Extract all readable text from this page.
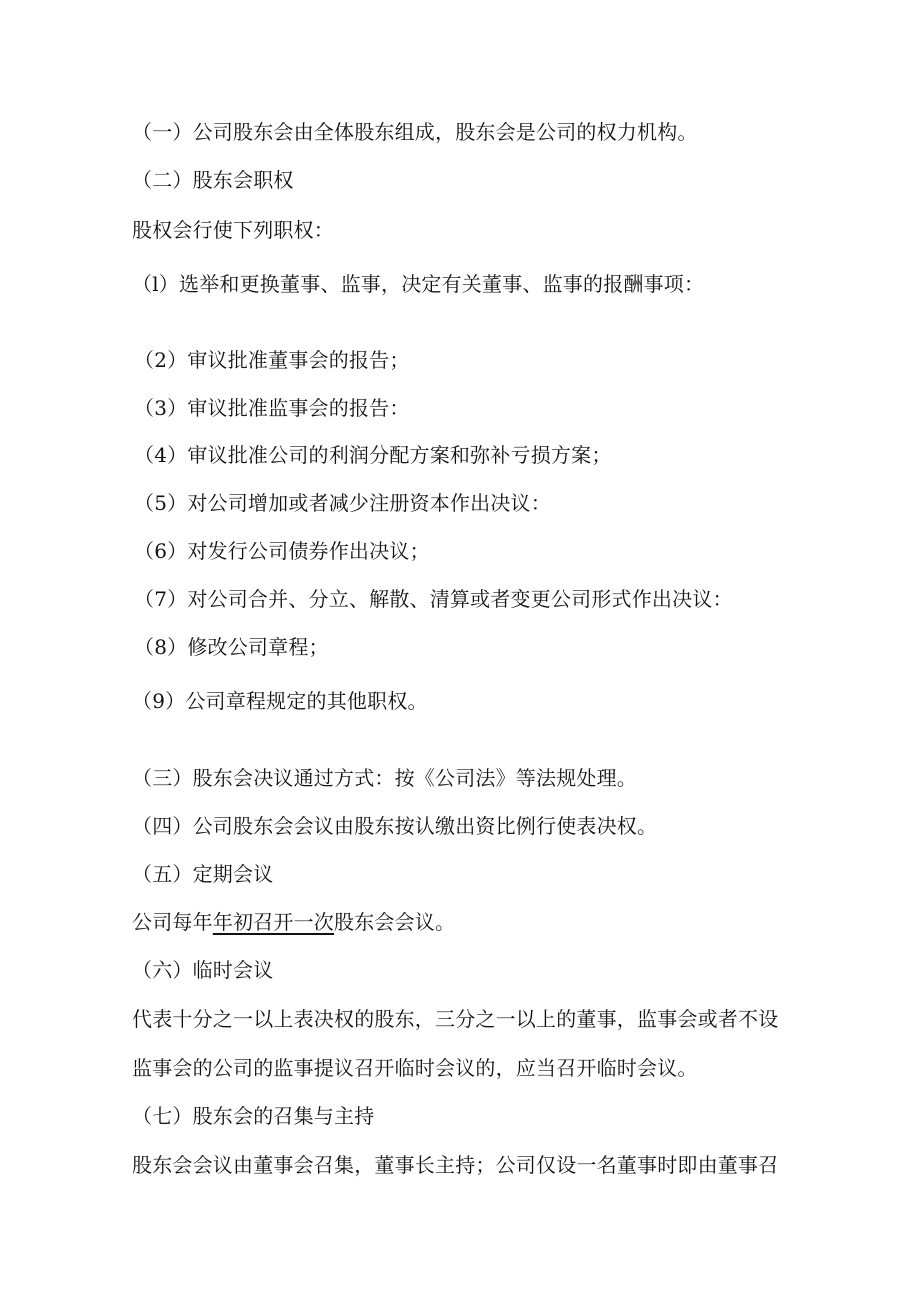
（一）公司股东会由全体股东组成，股东会是公司的权力机构。
（二）股东会职权
股权会行使下列职权：
（l）选举和更换董事、监事，决定有关董事、监事的报酬事项：
（2）审议批准董事会的报告；
（3）审议批准监事会的报告：
（4）审议批准公司的利润分配方案和弥补亏损方案；
（5）对公司增加或者减少注册资本作出决议：
（6）对发行公司债券作出决议；
（7）对公司合并、分立、解散、清算或者变更公司形式作出决议：
（8）修改公司章程；
（9）公司章程规定的其他职权。
（三）股东会决议通过方式：按《公司法》等法规处理。
（四）公司股东会会议由股东按认缴出资比例行使表决权。
（五）定期会议
公司每年年初召开一次股东会会议。
（六）临时会议
代表十分之一以上表决权的股东，三分之一以上的董事，监事会或者不设
监事会的公司的监事提议召开临时会议的，应当召开临时会议。
（七）股东会的召集与主持
股东会会议由董事会召集，董事长主持；公司仅设一名董事时即由董事召
